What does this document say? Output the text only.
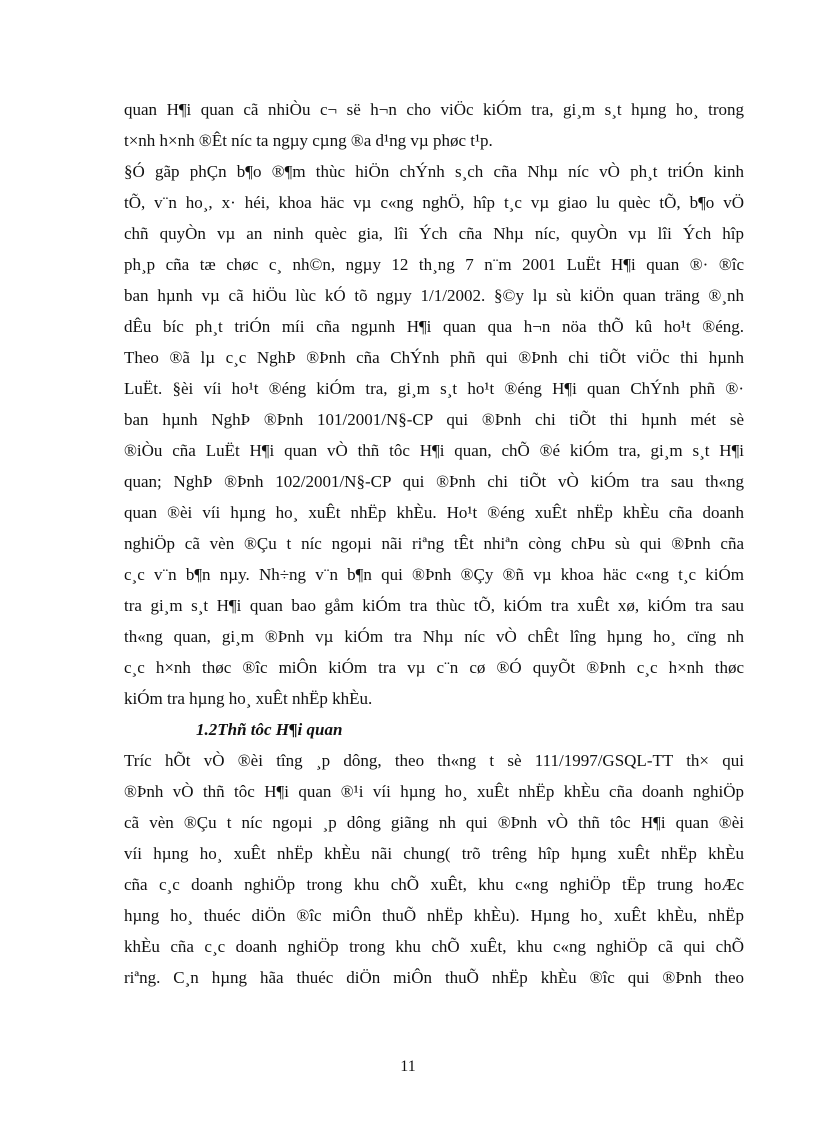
quan H¶i quan cã nhiÒu c¬ së h¬n cho viÖc kiÓm tra, gi¸m s¸t hµng ho¸ trong
t×nh h×nh ®Êt níc ta ngµy cµng ®a d¹ng vµ phøc t¹p.
§Ó gãp phÇn b¶o ®¶m thùc hiÖn chÝnh s¸ch cña Nhµ níc vÒ ph¸t triÓn kinh
tÕ, v¨n ho¸, x· héi, khoa häc vµ c«ng nghÖ, hîp t¸c vµ giao lu quèc tÕ, b¶o vÖ
chñ quyÒn vµ an ninh quèc gia, lîi Ých cña Nhµ níc, quyÒn vµ lîi Ých hîp
ph¸p cña tæ chøc c¸ nh©n, ngµy 12 th¸ng 7 n¨m 2001 LuËt H¶i quan ®· ®îc
ban hµnh vµ cã hiÖu lùc kÓ tõ ngµy 1/1/2002. §©y lµ sù kiÖn quan träng ®¸nh
dÊu bíc ph¸t triÓn míi cña ngµnh H¶i quan qua h¬n nöa thÕ kû ho¹t ®éng.
Theo ®ã lµ c¸c NghÞ ®Þnh cña ChÝnh phñ qui ®Þnh chi tiÕt viÖc thi hµnh
LuËt. §èi víi ho¹t ®éng kiÓm tra, gi¸m s¸t ho¹t ®éng H¶i quan ChÝnh phñ ®·
ban hµnh NghÞ ®Þnh 101/2001/N§-CP qui ®Þnh chi tiÕt thi hµnh mét sè
®iÒu cña LuËt H¶i quan vÒ thñ tôc H¶i quan, chÕ ®é kiÓm tra, gi¸m s¸t H¶i
quan; NghÞ ®Þnh 102/2001/N§-CP qui ®Þnh chi tiÕt vÒ kiÓm tra sau th«ng
quan ®èi víi hµng ho¸ xuÊt nhËp khÈu. Ho¹t ®éng xuÊt nhËp khÈu cña doanh
nghiÖp cã vèn ®Çu t níc ngoµi nãi riªng tÊt nhiªn còng chÞu sù qui ®Þnh cña
c¸c v¨n b¶n nµy. Nh÷ng v¨n b¶n qui ®Þnh ®Çy ®ñ vµ khoa häc c«ng t¸c kiÓm
tra gi¸m s¸t H¶i quan bao gåm kiÓm tra thùc tÕ, kiÓm tra xuÊt xø, kiÓm tra sau
th«ng quan, gi¸m ®Þnh vµ kiÓm tra Nhµ níc vÒ chÊt lîng hµng ho¸ cïng nh
c¸c h×nh thøc ®îc miÔn kiÓm tra vµ c¨n cø ®Ó quyÕt ®Þnh c¸c h×nh thøc
kiÓm tra hµng ho¸ xuÊt nhËp khÈu.
1.2Thñ tôc H¶i quan
Tríc hÕt vÒ ®èi tîng ¸p dông, theo th«ng t sè 111/1997/GSQL-TT th× qui
®Þnh vÒ thñ tôc H¶i quan ®¹i víi hµng ho¸ xuÊt nhËp khÈu cña doanh nghiÖp
cã vèn ®Çu t níc ngoµi ¸p dông giãng nh qui ®Þnh vÒ thñ tôc H¶i quan ®èi
víi hµng ho¸ xuÊt nhËp khÈu nãi chung( trõ trêng hîp hµng xuÊt nhËp khÈu
cña c¸c doanh nghiÖp trong khu chÕ xuÊt, khu c«ng nghiÖp tËp trung hoÆc
hµng ho¸ thuéc diÖn ®îc miÔn thuÕ nhËp khÈu). Hµng ho¸ xuÊt khÈu, nhËp
khÈu cña c¸c doanh nghiÖp trong khu chÕ xuÊt, khu c«ng nghiÖp cã qui chÕ
riªng. C¸n hµng hãa thuéc diÖn miÔn thuÕ nhËp khÈu ®îc qui ®Þnh theo
11
